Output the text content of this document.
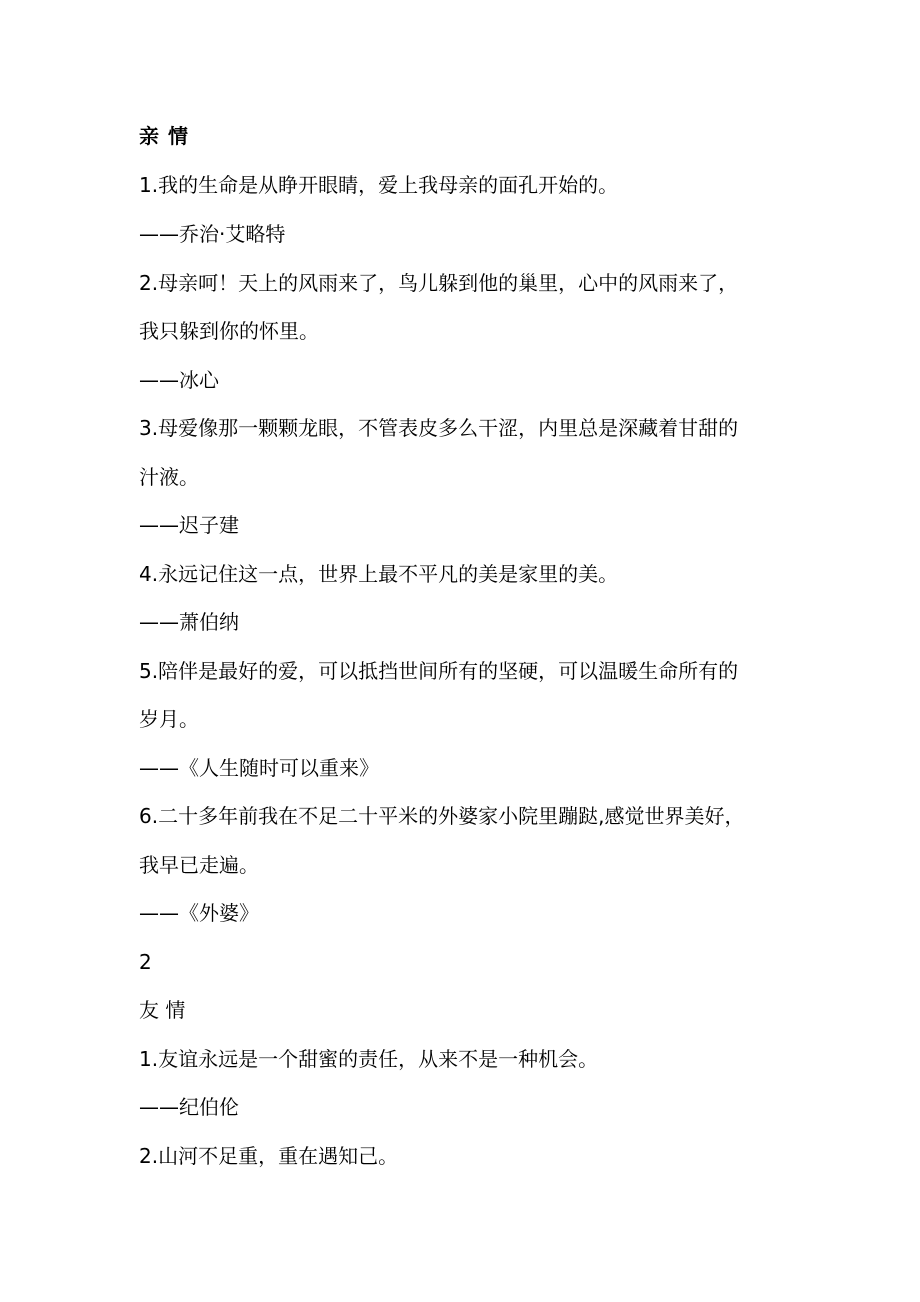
亲 情
1.我的生命是从睁开眼睛，爱上我母亲的面孔开始的。
——乔治·艾略特
2.母亲呵！天上的风雨来了，鸟儿躲到他的巢里，心中的风雨来了，
我只躲到你的怀里。
——冰心
3.母爱像那一颗颗龙眼，不管表皮多么干涩，内里总是深藏着甘甜的
汁液。
——迟子建
4.永远记住这一点，世界上最不平凡的美是家里的美。
——萧伯纳
5.陪伴是最好的爱，可以抵挡世间所有的坚硬，可以温暖生命所有的
岁月。
——《人生随时可以重来》
6.二十多年前我在不足二十平米的外婆家小院里蹦跶,感觉世界美好，
我早已走遍。
——《外婆》
2
友 情
1.友谊永远是一个甜蜜的责任，从来不是一种机会。
——纪伯伦
2.山河不足重，重在遇知己。
